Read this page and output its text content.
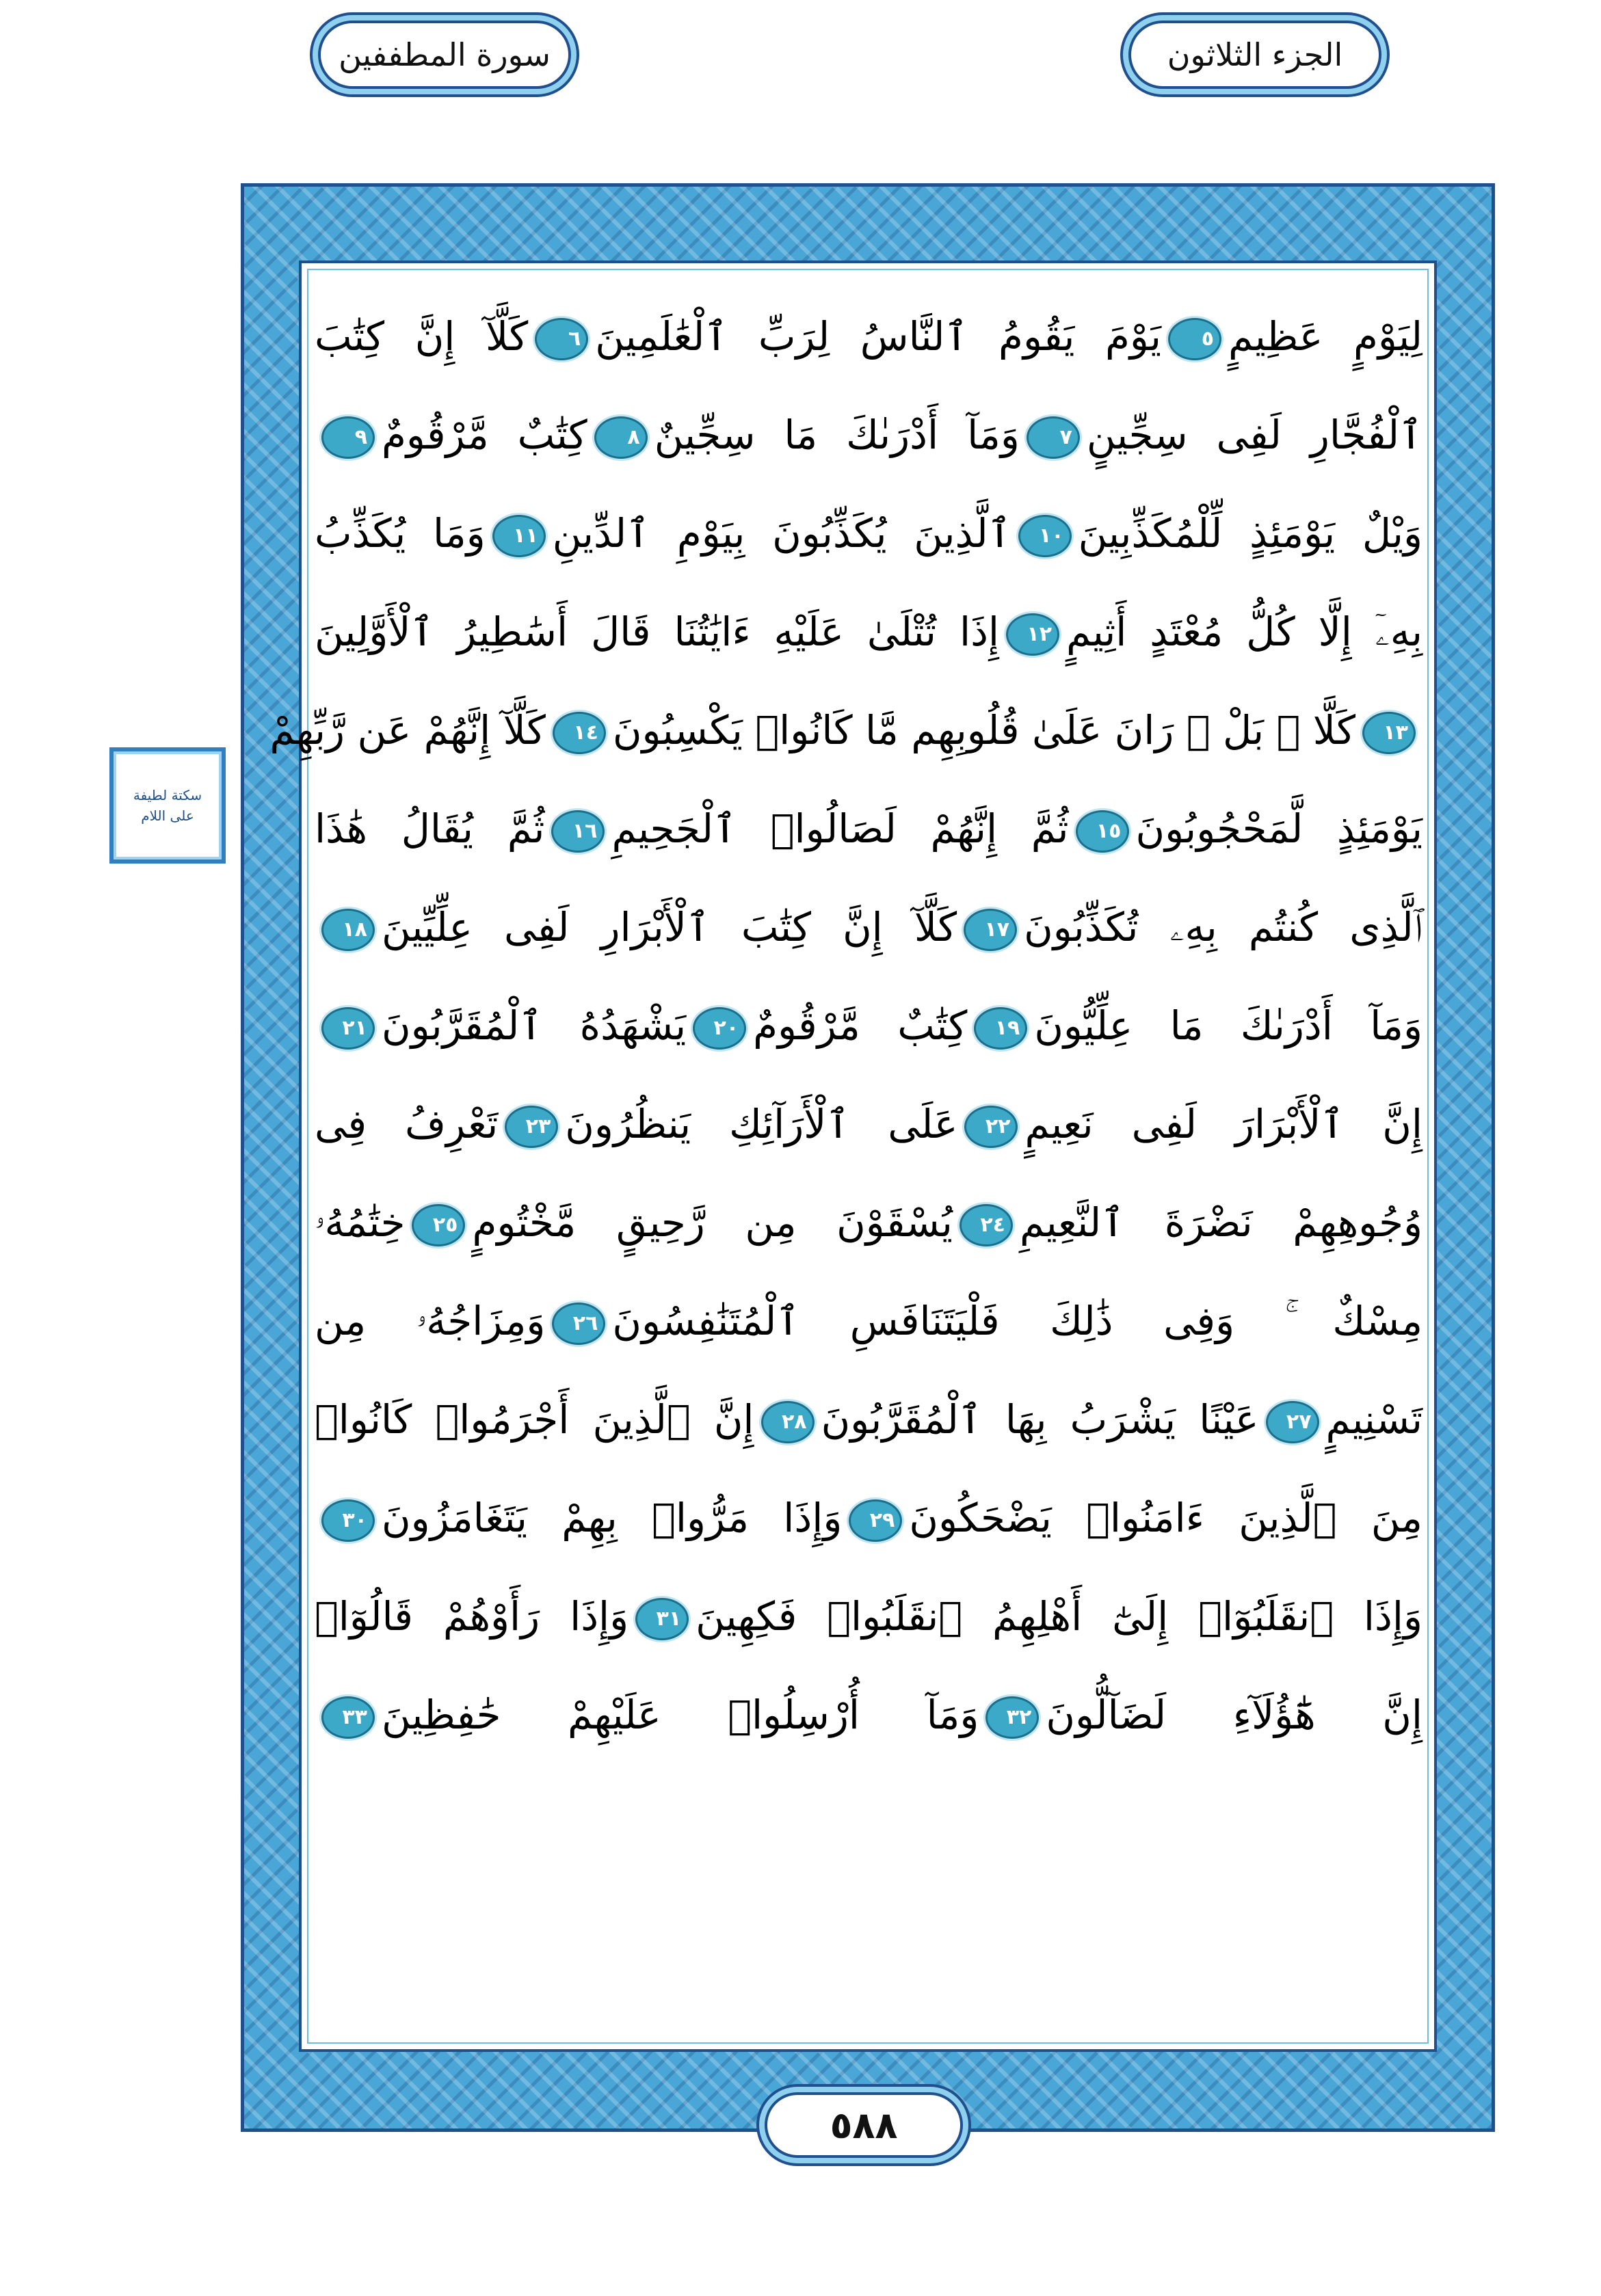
الجزء الثلاثون
سورة المطففين
سكتة لطيفة على اللام
لِيَوْمٍ عَظِيمٍ٥يَوْمَ يَقُومُ ٱلنَّاسُ لِرَبِّ ٱلْعَٰلَمِينَ٦كَلَّآ إِنَّ كِتَٰبَ
ٱلْفُجَّارِ لَفِى سِجِّينٍ٧وَمَآ أَدْرَىٰكَ مَا سِجِّينٌ٨كِتَٰبٌ مَّرْقُومٌ٩
وَيْلٌ يَوْمَئِذٍ لِّلْمُكَذِّبِينَ١٠ٱلَّذِينَ يُكَذِّبُونَ بِيَوْمِ ٱلدِّينِ١١وَمَا يُكَذِّبُ
بِهِۦٓ إِلَّا كُلُّ مُعْتَدٍ أَثِيمٍ١٢إِذَا تُتْلَىٰ عَلَيْهِ ءَايَٰتُنَا قَالَ أَسَٰطِيرُ ٱلْأَوَّلِينَ
١٣كَلَّا ۖ بَلْ ۜ رَانَ عَلَىٰ قُلُوبِهِم مَّا كَانُوا۟ يَكْسِبُونَ١٤كَلَّآ إِنَّهُمْ عَن رَّبِّهِمْ
يَوْمَئِذٍ لَّمَحْجُوبُونَ١٥ثُمَّ إِنَّهُمْ لَصَالُوا۟ ٱلْجَحِيمِ١٦ثُمَّ يُقَالُ هَٰذَا
ٱلَّذِى كُنتُم بِهِۦ تُكَذِّبُونَ١٧كَلَّآ إِنَّ كِتَٰبَ ٱلْأَبْرَارِ لَفِى عِلِّيِّينَ١٨
وَمَآ أَدْرَىٰكَ مَا عِلِّيُّونَ١٩كِتَٰبٌ مَّرْقُومٌ٢٠يَشْهَدُهُ ٱلْمُقَرَّبُونَ٢١
إِنَّ ٱلْأَبْرَارَ لَفِى نَعِيمٍ٢٢عَلَى ٱلْأَرَآئِكِ يَنظُرُونَ٢٣تَعْرِفُ فِى
وُجُوهِهِمْ نَضْرَةَ ٱلنَّعِيمِ٢٤يُسْقَوْنَ مِن رَّحِيقٍ مَّخْتُومٍ٢٥خِتَٰمُهُۥ
مِسْكٌ ۚ وَفِى ذَٰلِكَ فَلْيَتَنَافَسِ ٱلْمُتَنَٰفِسُونَ٢٦وَمِزَاجُهُۥ مِن
تَسْنِيمٍ٢٧عَيْنًا يَشْرَبُ بِهَا ٱلْمُقَرَّبُونَ٢٨إِنَّ ٱلَّذِينَ أَجْرَمُوا۟ كَانُوا۟
مِنَ ٱلَّذِينَ ءَامَنُوا۟ يَضْحَكُونَ٢٩وَإِذَا مَرُّوا۟ بِهِمْ يَتَغَامَزُونَ٣٠
وَإِذَا ٱنقَلَبُوٓا۟ إِلَىٰٓ أَهْلِهِمُ ٱنقَلَبُوا۟ فَكِهِينَ٣١وَإِذَا رَأَوْهُمْ قَالُوٓا۟
إِنَّ هَٰٓؤُلَآءِ لَضَآلُّونَ٣٢وَمَآ أُرْسِلُوا۟ عَلَيْهِمْ حَٰفِظِينَ٣٣
٥٨٨
